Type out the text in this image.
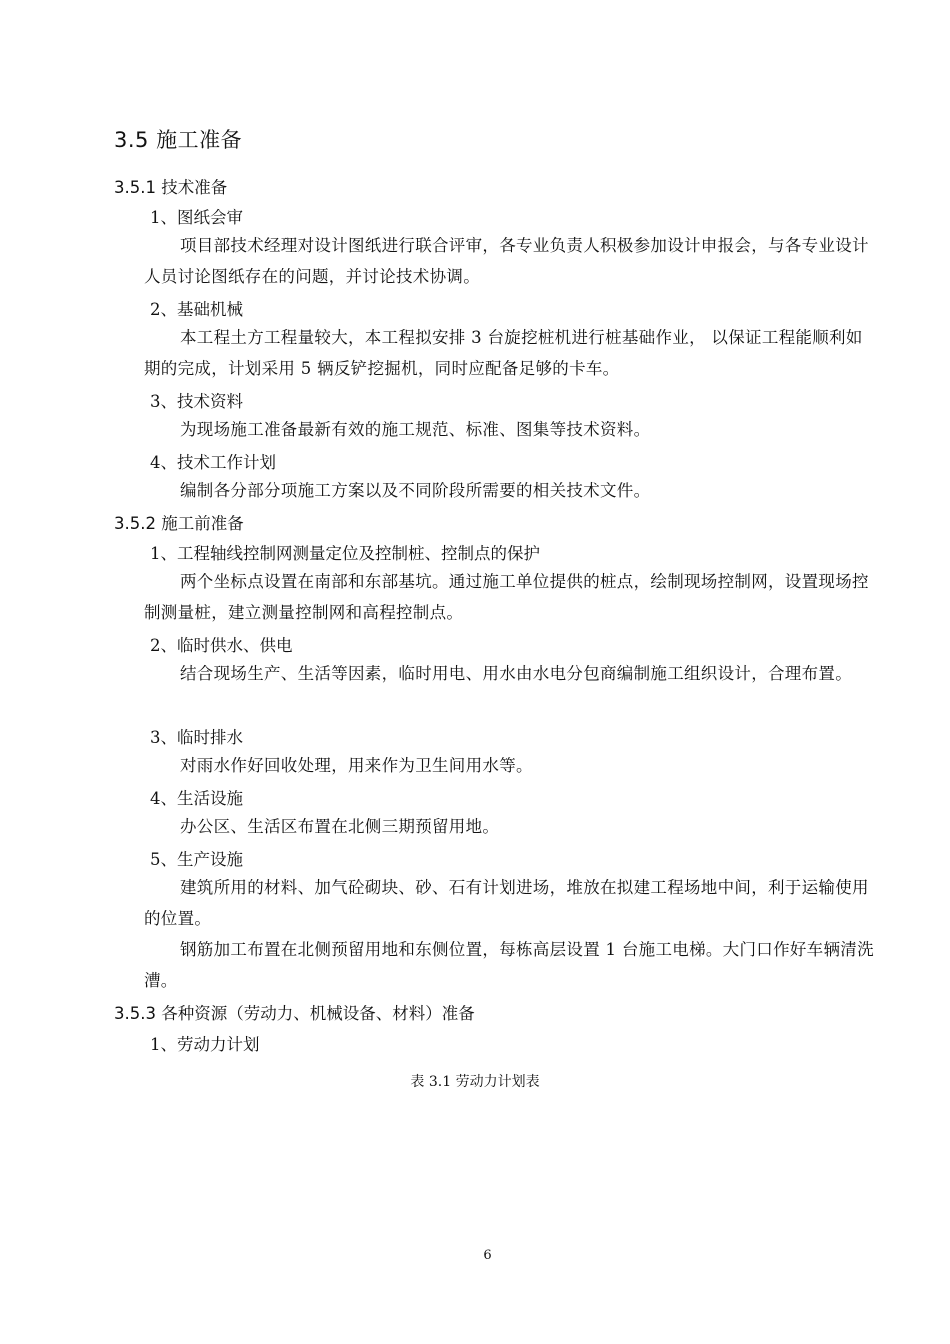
3.5 施工准备
3.5.1 技术准备
1、图纸会审
项目部技术经理对设计图纸进行联合评审，各专业负责人积极参加设计申报会，与各专业设计人员讨论图纸存在的问题，并讨论技术协调。
2、基础机械
本工程土方工程量较大，本工程拟安排 3 台旋挖桩机进行桩基础作业， 以保证工程能顺利如期的完成，计划采用 5 辆反铲挖掘机，同时应配备足够的卡车。
3、技术资料
为现场施工准备最新有效的施工规范、标准、图集等技术资料。
4、技术工作计划
编制各分部分项施工方案以及不同阶段所需要的相关技术文件。
3.5.2 施工前准备
1、工程轴线控制网测量定位及控制桩、控制点的保护
两个坐标点设置在南部和东部基坑。通过施工单位提供的桩点，绘制现场控制网，设置现场控制测量桩，建立测量控制网和高程控制点。
2、临时供水、供电
结合现场生产、生活等因素，临时用电、用水由水电分包商编制施工组织设计，合理布置。
3、临时排水
对雨水作好回收处理，用来作为卫生间用水等。
4、生活设施
办公区、生活区布置在北侧三期预留用地。
5、生产设施
建筑所用的材料、加气砼砌块、砂、石有计划进场，堆放在拟建工程场地中间，利于运输使用的位置。
钢筋加工布置在北侧预留用地和东侧位置，每栋高层设置 1 台施工电梯。大门口作好车辆清洗漕。
3.5.3 各种资源（劳动力、机械设备、材料）准备
1、劳动力计划
表 3.1 劳动力计划表
6
